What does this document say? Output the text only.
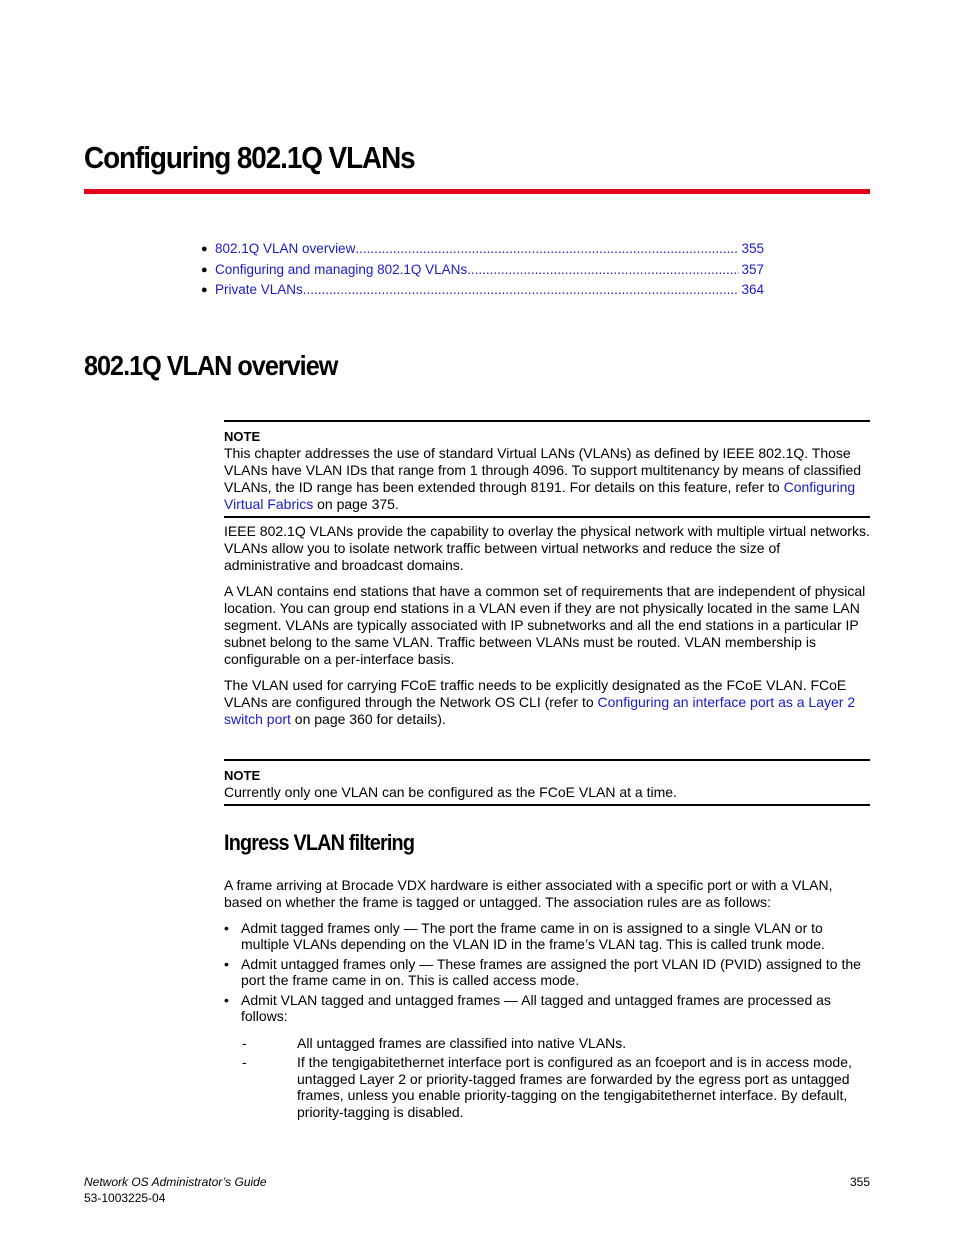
Configuring 802.1Q VLANs
● 802.1Q VLAN overview .....	355
● Configuring and managing 802.1Q VLANs .....	357
● Private VLANs .....	364
802.1Q VLAN overview
NOTE
This chapter addresses the use of standard Virtual LANs (VLANs) as defined by IEEE 802.1Q. Those VLANs have VLAN IDs that range from 1 through 4096. To support multitenancy by means of classified VLANs, the ID range has been extended through 8191. For details on this feature, refer to Configuring Virtual Fabrics on page 375.

IEEE 802.1Q VLANs provide the capability to overlay the physical network with multiple virtual networks. VLANs allow you to isolate network traffic between virtual networks and reduce the size of administrative and broadcast domains.

A VLAN contains end stations that have a common set of requirements that are independent of physical location. You can group end stations in a VLAN even if they are not physically located in the same LAN segment. VLANs are typically associated with IP subnetworks and all the end stations in a particular IP subnet belong to the same VLAN. Traffic between VLANs must be routed. VLAN membership is configurable on a per-interface basis.

The VLAN used for carrying FCoE traffic needs to be explicitly designated as the FCoE VLAN. FCoE VLANs are configured through the Network OS CLI (refer to Configuring an interface port as a Layer 2 switch port on page 360 for details).

NOTE
Currently only one VLAN can be configured as the FCoE VLAN at a time.
Ingress VLAN filtering

A frame arriving at Brocade VDX hardware is either associated with a specific port or with a VLAN, based on whether the frame is tagged or untagged. The association rules are as follows:

• Admit tagged frames only — The port the frame came in on is assigned to a single VLAN or to multiple VLANs depending on the VLAN ID in the frame’s VLAN tag. This is called trunk mode.
• Admit untagged frames only — These frames are assigned the port VLAN ID (PVID) assigned to the port the frame came in on. This is called access mode.
• Admit VLAN tagged and untagged frames — All tagged and untagged frames are processed as follows:
-	All untagged frames are classified into native VLANs.
-	If the tengigabitethernet interface port is configured as an fcoeport and is in access mode, untagged Layer 2 or priority-tagged frames are forwarded by the egress port as untagged frames, unless you enable priority-tagging on the tengigabitethernet interface. By default, priority-tagging is disabled.
Network OS Administrator’s Guide
53-1003225-04
355
